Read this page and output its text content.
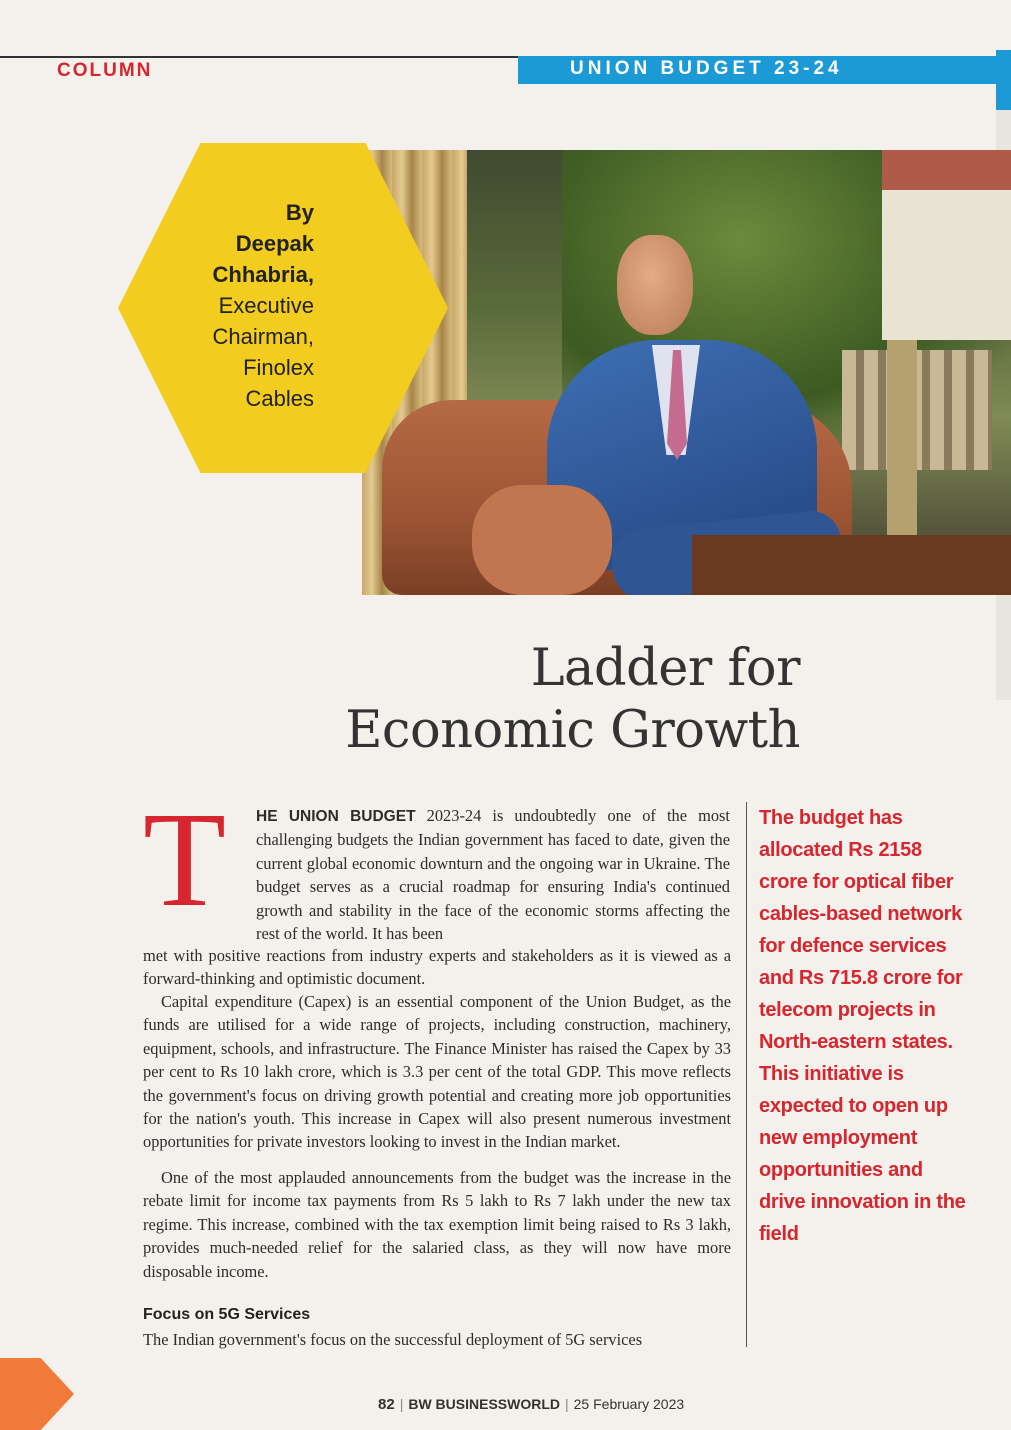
COLUMN	UNION BUDGET 23-24
By
Deepak
Chhabria,
Executive
Chairman,
Finolex
Cables
Ladder for
Economic Growth
T HE UNION BUDGET 2023-24 is undoubtedly one of the most challenging budgets the Indian government has faced to date, given the current global economic downturn and the ongoing war in Ukraine. The budget serves as a crucial roadmap for ensuring India's continued growth and stability in the face of the economic storms affecting the rest of the world. It has been
met with positive reactions from industry experts and stakeholders as it is viewed as a forward-thinking and optimistic document.
Capital expenditure (Capex) is an essential component of the Union Budget, as the funds are utilised for a wide range of projects, including construction, machinery, equipment, schools, and infrastructure. The Finance Minister has raised the Capex by 33 per cent to Rs 10 lakh crore, which is 3.3 per cent of the total GDP. This move reflects the government's focus on driving growth potential and creating more job opportunities for the nation's youth. This increase in Capex will also present numerous investment opportunities for private investors looking to invest in the Indian market.
One of the most applauded announcements from the budget was the increase in the rebate limit for income tax payments from Rs 5 lakh to Rs 7 lakh under the new tax regime. This increase, combined with the tax exemption limit being raised to Rs 3 lakh, provides much-needed relief for the salaried class, as they will now have more disposable income.
Focus on 5G Services
The Indian government's focus on the successful deployment of 5G services
The budget has allocated Rs 2158 crore for optical fiber cables-based network for defence services and Rs 715.8 crore for telecom projects in North-eastern states. This initiative is expected to open up new employment opportunities and drive innovation in the field
82 | BW BUSINESSWORLD | 25 February 2023
